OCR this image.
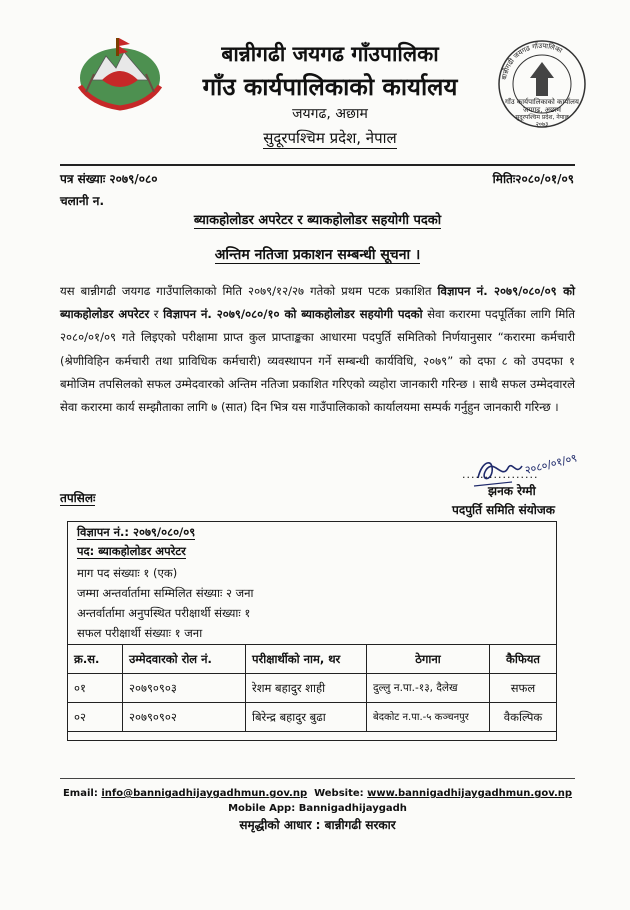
बान्नीगढी जयगढ गाँउपालिका
गाँउ कार्यपालिकाको कार्यालय
जयगढ, अछाम
सुदूरपश्चिम प्रदेश, नेपाल
बान्नीगढी जयगढ गाँउपालिका
गाँउ कार्यपालिकाको कार्यालय
जयगढ, अछाम
सुदूरपश्चिम प्रदेश, नेपाल
२०७३
पत्र संख्याः २०७९/०८०	मितिः२०८०/०१/०९
चलानी न.
ब्याकहोलोडर अपरेटर र ब्याकहोलोडर सहयोगी पदको
अन्तिम नतिजा प्रकाशन सम्बन्धी सूचना ।
यस बान्नीगढी जयगढ गाउँपालिकाको मिति २०७९/१२/२७ गतेको प्रथम पटक प्रकाशित विज्ञापन नं. २०७९/०८०/०९ को ब्याकहोलोडर अपरेटर र विज्ञापन नं. २०७९/०८०/१० को ब्याकहोलोडर सहयोगी पदको सेवा करारमा पदपूर्तिका लागि मिति २०८०/०१/०९ गते लिइएको परीक्षामा प्राप्त कुल प्राप्ताङ्कका आधारमा पदपुर्ति समितिको निर्णयानुसार “करारमा कर्मचारी (श्रेणीविहिन कर्मचारी तथा प्राविधिक कर्मचारी) व्यवस्थापन गर्ने सम्बन्धी कार्यविधि, २०७९” को दफा ८ को उपदफा १ बमोजिम तपसिलको सफल उम्मेदवारको अन्तिम नतिजा प्रकाशित गरिएको व्यहोरा जानकारी गरिन्छ । साथै सफल उम्मेदवारले सेवा करारमा कार्य सम्झौताका लागि ७ (सात) दिन भित्र यस गाउँपालिकाको कार्यालयमा सम्पर्क गर्नुहुन जानकारी गरिन्छ ।
२०८०/०१/०९
.................
झनक रेग्मी
पदपुर्ति समिति संयोजक
तपसिलः
विज्ञापन नं.: २०७९/०८०/०९
पद: ब्याकहोलोडर अपरेटर
माग पद संख्याः १ (एक)
जम्मा अन्तर्वार्तामा सम्मिलित संख्याः २ जना
अन्तर्वार्तामा अनुपस्थित परीक्षार्थी संख्याः १
सफल परीक्षार्थी संख्याः १ जना
क्र.स.	उम्मेदवारको रोल नं.	परीक्षार्थीको नाम, थर	ठेगाना	कैफियत
०१	२०७९०९०३	रेशम बहादुर शाही	दुल्लु न.पा.-१३, दैलेख	सफल
०२	२०७९०९०२	बिरेन्द्र बहादुर बुढा	बेदकोट न.पा.-५ कञ्चनपुर	वैकल्पिक
Email: info@bannigadhijaygadhmun.gov.np Website: www.bannigadhijaygadhmun.gov.np
Mobile App: Bannigadhijaygadh
समृद्धीको आधार : बान्नीगढी सरकार
